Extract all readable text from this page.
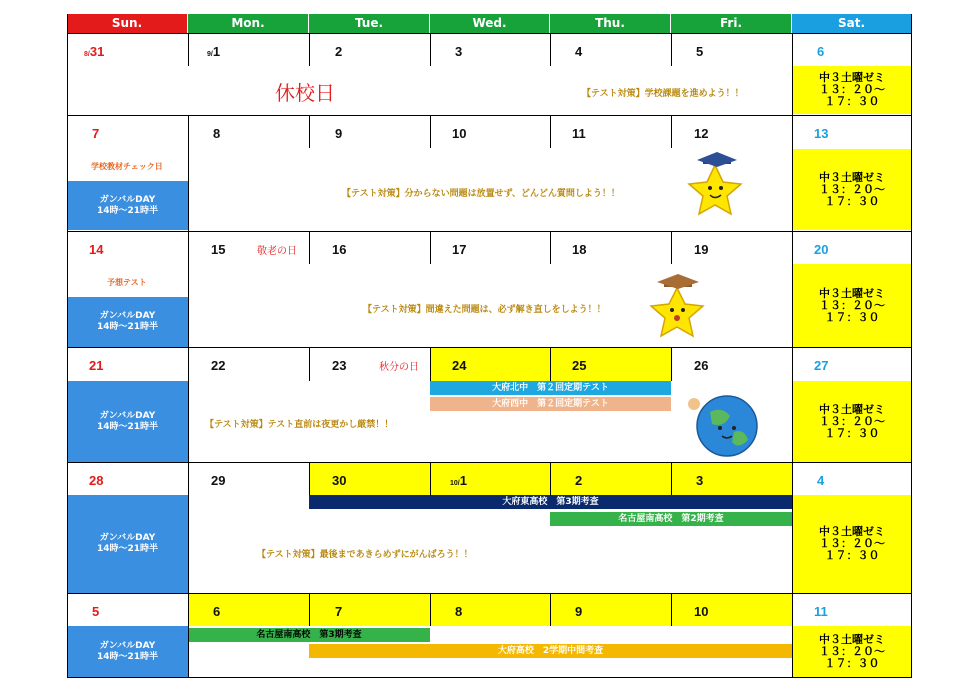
Sun.	Mon.	Tue.	Wed.	Thu.	Fri.	Sat.
中３土曜ゼミ
１３：２０〜
１７：３０
中３土曜ゼミ
１３：２０〜
１７：３０
中３土曜ゼミ
１３：２０〜
１７：３０
中３土曜ゼミ
１３：２０〜
１７：３０
中３土曜ゼミ
１３：２０〜
１７：３０
中３土曜ゼミ
１３：２０〜
１７：３０
ガンバルDAY
14時〜21時半
ガンバルDAY
14時〜21時半
ガンバルDAY
14時〜21時半
ガンバルDAY
14時〜21時半
ガンバルDAY
14時〜21時半
大府北中　第２回定期テスト
大府西中　第２回定期テスト
大府東高校　第3期考査
名古屋南高校　第2期考査
名古屋南高校　第3期考査
大府高校　2学期中間考査
8/31	9/1	2	3	4	5	6
7	8	9	10	11	12	13
14	15	16	17	18	19	20
21	22	23	24	25	26	27
28	29	30	10/1	2	3	4
5	6	7	8	9	10	11
休校日
敬老の日
秋分の日
学校教材チェック日
予想テスト
【テスト対策】学校課題を進めよう！！
【テスト対策】分からない問題は放置せず、どんどん質問しよう！！
【テスト対策】間違えた問題は、必ず解き直しをしよう！！
【テスト対策】テスト直前は夜更かし厳禁！！
【テスト対策】最後まであきらめずにがんばろう！！
